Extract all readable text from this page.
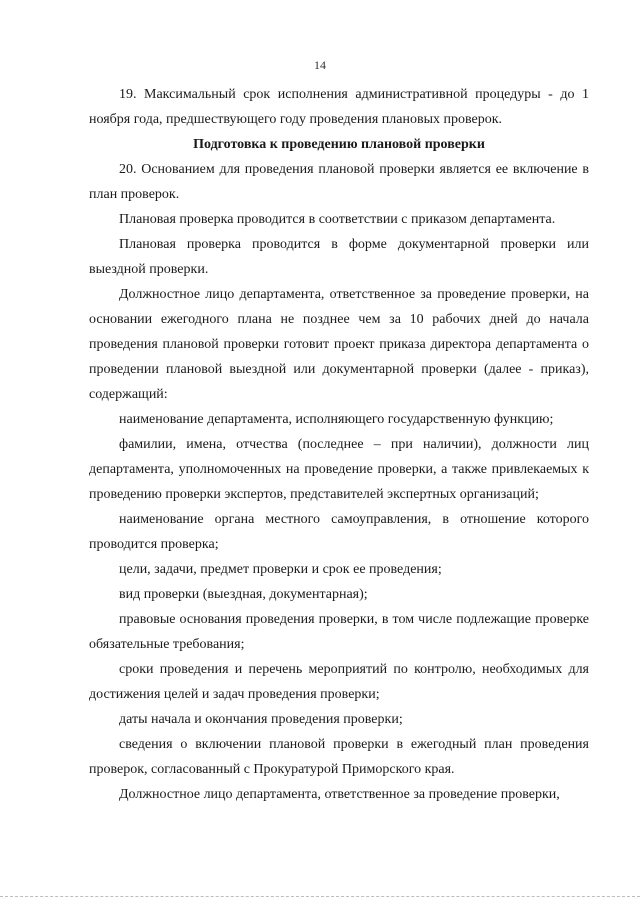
14

19. Максимальный срок исполнения административной процедуры - до 1 ноября года, предшествующего году проведения плановых проверок.

Подготовка к проведению плановой проверки

20. Основанием для проведения плановой проверки является ее включение в план проверок.

Плановая проверка проводится в соответствии с приказом департамента.

Плановая проверка проводится в форме документарной проверки или выездной проверки.

Должностное лицо департамента, ответственное за проведение проверки, на основании ежегодного плана не позднее чем за 10 рабочих дней до начала проведения плановой проверки готовит проект приказа директора департамента о проведении плановой выездной или документарной проверки (далее - приказ), содержащий:

наименование департамента, исполняющего государственную функцию;

фамилии, имена, отчества (последнее – при наличии), должности лиц департамента, уполномоченных на проведение проверки, а также привлекаемых к проведению проверки экспертов, представителей экспертных организаций;

наименование органа местного самоуправления, в отношение которого проводится проверка;

цели, задачи, предмет проверки и срок ее проведения;

вид проверки (выездная, документарная);

правовые основания проведения проверки, в том числе подлежащие проверке обязательные требования;

сроки проведения и перечень мероприятий по контролю, необходимых для достижения целей и задач проведения проверки;

даты начала и окончания проведения проверки;

сведения о включении плановой проверки в ежегодный план проведения проверок, согласованный с Прокуратурой Приморского края.

Должностное лицо департамента, ответственное за проведение проверки,
